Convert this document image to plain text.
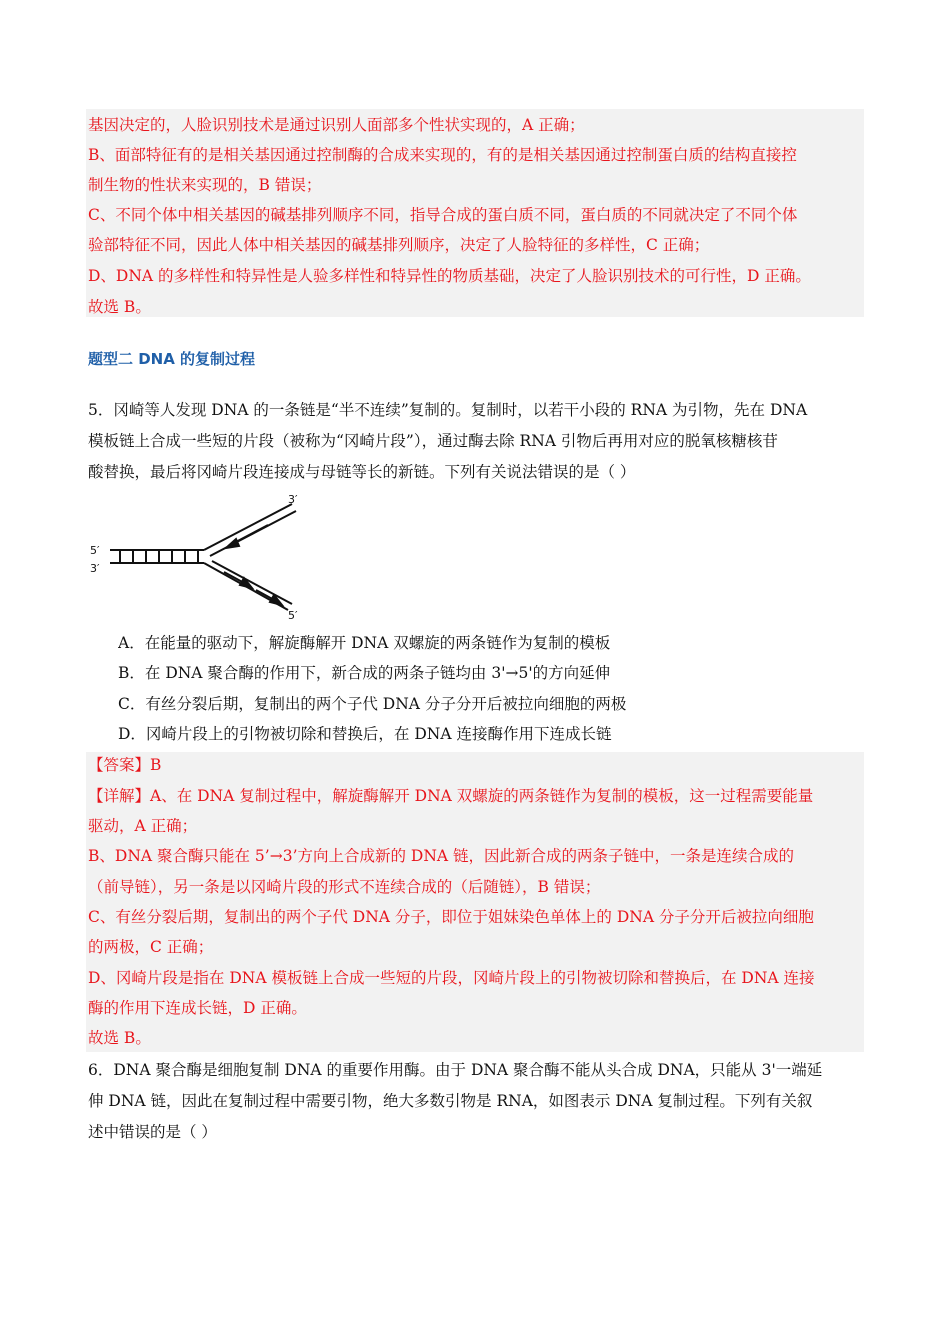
基因决定的，人脸识别技术是通过识别人面部多个性状实现的，A 正确；
B、面部特征有的是相关基因通过控制酶的合成来实现的，有的是相关基因通过控制蛋白质的结构直接控
制生物的性状来实现的，B 错误；
C、不同个体中相关基因的碱基排列顺序不同，指导合成的蛋白质不同，蛋白质的不同就决定了不同个体
验部特征不同，因此人体中相关基因的碱基排列顺序，决定了人脸特征的多样性，C 正确；
D、DNA 的多样性和特异性是人验多样性和特异性的物质基础，决定了人脸识别技术的可行性，D 正确。
故选 B。
题型二 DNA 的复制过程
5．冈崎等人发现 DNA 的一条链是“半不连续”复制的。复制时，以若干小段的 RNA 为引物，先在 DNA
模板链上合成一些短的片段（被称为“冈崎片段”），通过酶去除 RNA 引物后再用对应的脱氧核糖核苷
酸替换，最后将冈崎片段连接成与母链等长的新链。下列有关说法错误的是（ ）
5′
3′
3′
5′
A．在能量的驱动下，解旋酶解开 DNA 双螺旋的两条链作为复制的模板
B．在 DNA 聚合酶的作用下，新合成的两条子链均由 3'→5'的方向延伸
C．有丝分裂后期，复制出的两个子代 DNA 分子分开后被拉向细胞的两极
D．冈崎片段上的引物被切除和替换后，在 DNA 连接酶作用下连成长链
【答案】B
【详解】A、在 DNA 复制过程中，解旋酶解开 DNA 双螺旋的两条链作为复制的模板，这一过程需要能量
驱动，A 正确；
B、DNA 聚合酶只能在 5’→3’方向上合成新的 DNA 链，因此新合成的两条子链中，一条是连续合成的
（前导链），另一条是以冈崎片段的形式不连续合成的（后随链），B 错误；
C、有丝分裂后期，复制出的两个子代 DNA 分子，即位于姐妹染色单体上的 DNA 分子分开后被拉向细胞
的两极，C 正确；
D、冈崎片段是指在 DNA 模板链上合成一些短的片段，冈崎片段上的引物被切除和替换后，在 DNA 连接
酶的作用下连成长链，D 正确。
故选 B。
6．DNA 聚合酶是细胞复制 DNA 的重要作用酶。由于 DNA 聚合酶不能从头合成 DNA，只能从 3'一端延
伸 DNA 链，因此在复制过程中需要引物，绝大多数引物是 RNA，如图表示 DNA 复制过程。下列有关叙
述中错误的是（ ）
